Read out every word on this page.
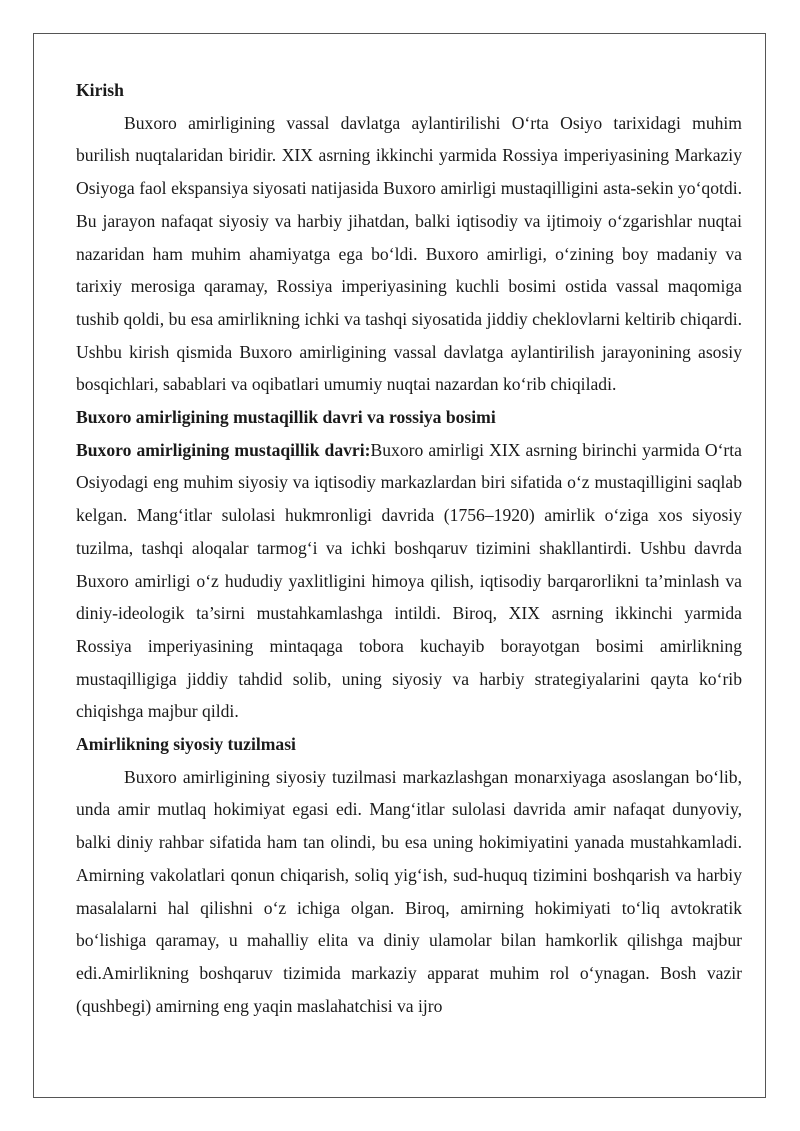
Kirish

Buxoro amirligining vassal davlatga aylantirilishi O‘rta Osiyo tarixidagi muhim burilish nuqtalaridan biridir. XIX asrning ikkinchi yarmida Rossiya imperiyasining Markaziy Osiyoga faol ekspansiya siyosati natijasida Buxoro amirligi mustaqilligini asta-sekin yo‘qotdi. Bu jarayon nafaqat siyosiy va harbiy jihatdan, balki iqtisodiy va ijtimoiy o‘zgarishlar nuqtai nazaridan ham muhim ahamiyatga ega bo‘ldi. Buxoro amirligi, o‘zining boy madaniy va tarixiy merosiga qaramay, Rossiya imperiyasining kuchli bosimi ostida vassal maqomiga tushib qoldi, bu esa amirlikning ichki va tashqi siyosatida jiddiy cheklovlarni keltirib chiqardi. Ushbu kirish qismida Buxoro amirligining vassal davlatga aylantirilish jarayonining asosiy bosqichlari, sabablari va oqibatlari umumiy nuqtai nazardan ko‘rib chiqiladi.

Buxoro amirligining mustaqillik davri va rossiya bosimi

Buxoro amirligining mustaqillik davri:Buxoro amirligi XIX asrning birinchi yarmida O‘rta Osiyodagi eng muhim siyosiy va iqtisodiy markazlardan biri sifatida o‘z mustaqilligini saqlab kelgan. Mang‘itlar sulolasi hukmronligi davrida (1756–1920) amirlik o‘ziga xos siyosiy tuzilma, tashqi aloqalar tarmog‘i va ichki boshqaruv tizimini shakllantirdi. Ushbu davrda Buxoro amirligi o‘z hududiy yaxlitligini himoya qilish, iqtisodiy barqarorlikni ta’minlash va diniy-ideologik ta’sirni mustahkamlashga intildi. Biroq, XIX asrning ikkinchi yarmida Rossiya imperiyasining mintaqaga tobora kuchayib borayotgan bosimi amirlikning mustaqilligiga jiddiy tahdid solib, uning siyosiy va harbiy strategiyalarini qayta ko‘rib chiqishga majbur qildi.

Amirlikning siyosiy tuzilmasi

Buxoro amirligining siyosiy tuzilmasi markazlashgan monarxiyaga asoslangan bo‘lib, unda amir mutlaq hokimiyat egasi edi. Mang‘itlar sulolasi davrida amir nafaqat dunyoviy, balki diniy rahbar sifatida ham tan olindi, bu esa uning hokimiyatini yanada mustahkamladi. Amirning vakolatlari qonun chiqarish, soliq yig‘ish, sud-huquq tizimini boshqarish va harbiy masalalarni hal qilishni o‘z ichiga olgan. Biroq, amirning hokimiyati to‘liq avtokratik bo‘lishiga qaramay, u mahalliy elita va diniy ulamolar bilan hamkorlik qilishga majbur edi.Amirlikning boshqaruv tizimida markaziy apparat muhim rol o‘ynagan. Bosh vazir (qushbegi) amirning eng yaqin maslahatchisi va ijro
